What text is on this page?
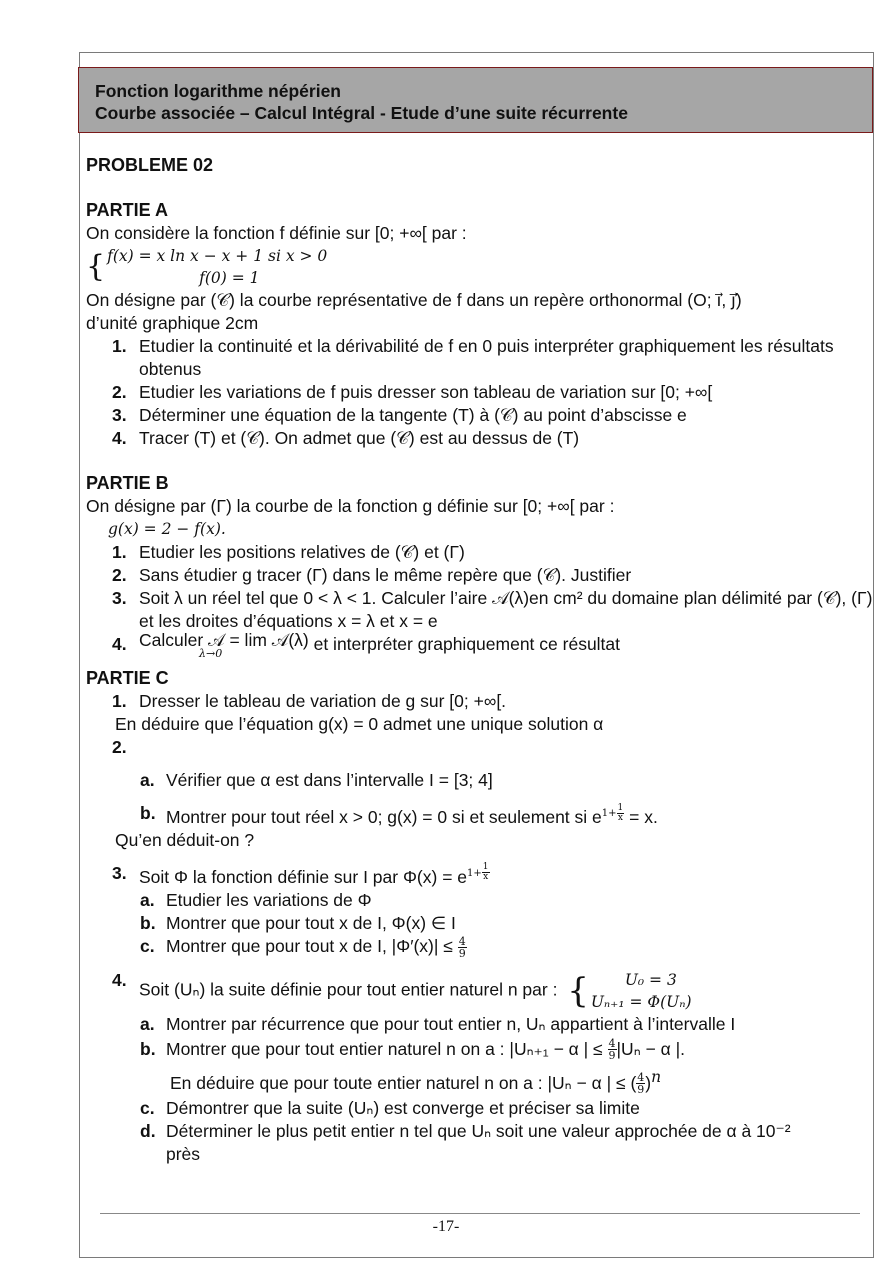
Fonction logarithme népérien
Courbe associée – Calcul Intégral - Etude d’une suite récurrente
PROBLEME 02
PARTIE A
On considère la fonction f définie sur [0; +∞[ par :
{ f(x) = x ln x − x + 1 si x > 0
f(0) = 1
On désigne par (𝒞) la courbe représentative de f dans un repère orthonormal (O; i⃗, j⃗)
d’unité graphique 2cm
1. Etudier la continuité et la dérivabilité de f en 0 puis interpréter graphiquement les résultats obtenus
2. Etudier les variations de f puis dresser son tableau de variation sur [0; +∞[
3. Déterminer une équation de la tangente (T) à (𝒞) au point d’abscisse e
4. Tracer (T) et (𝒞). On admet que (𝒞) est au dessus de (T)
PARTIE B
On désigne par (Γ) la courbe de la fonction g définie sur [0; +∞[ par :
g(x) = 2 − f(x).
1. Etudier les positions relatives de (𝒞) et (Γ)
2. Sans étudier g tracer (Γ) dans le même repère que (𝒞). Justifier
3. Soit λ un réel tel que 0 < λ < 1. Calculer l’aire 𝒜(λ)en cm² du domaine plan délimité par (𝒞), (Γ) et les droites d’équations x = λ et x = e
4. Calculer 𝒜 = lim 𝒜(λ)
λ→0	et interpréter graphiquement ce résultat
PARTIE C
1. Dresser le tableau de variation de g sur [0; +∞[.
En déduire que l’équation g(x) = 0 admet une unique solution α
2.

a. Vérifier que α est dans l’intervalle I = [3; 4]
b. Montrer pour tout réel x > 0; g(x) = 0 si et seulement si $e^{1+ \frac{1}{x}} = x$.
Qu’en déduit-on ?
3. Soit Φ la fonction définie sur I par $\Phi(x) = e^{1+ \frac{1}{x}}$
a. Etudier les variations de Φ
b. Montrer que pour tout x de I, Φ(x) ∈ I
c. Montrer que pour tout x de I, $|\Phi'(x)| \le \frac{4}{9}$
4. Soit (Uₙ) la suite définie pour tout entier naturel n par : {	U₀ = 3
Uₙ₊₁ = Φ(Uₙ)
a. Montrer par récurrence que pour tout entier n, Uₙ appartient à l’intervalle I
b. Montrer que pour tout entier naturel n on a : |Uₙ₊₁ − α | ≤ $\frac{4}{9} |U_n - \alpha$ |.
En déduire que pour toute entier naturel n on a : |Uₙ − α | ≤ ( $\frac{4}{9} )^n$
c. Démontrer que la suite (Uₙ) est converge et préciser sa limite
d. Déterminer le plus petit entier n tel que Uₙ soit une valeur approchée de α à 10⁻²
près
-17-
